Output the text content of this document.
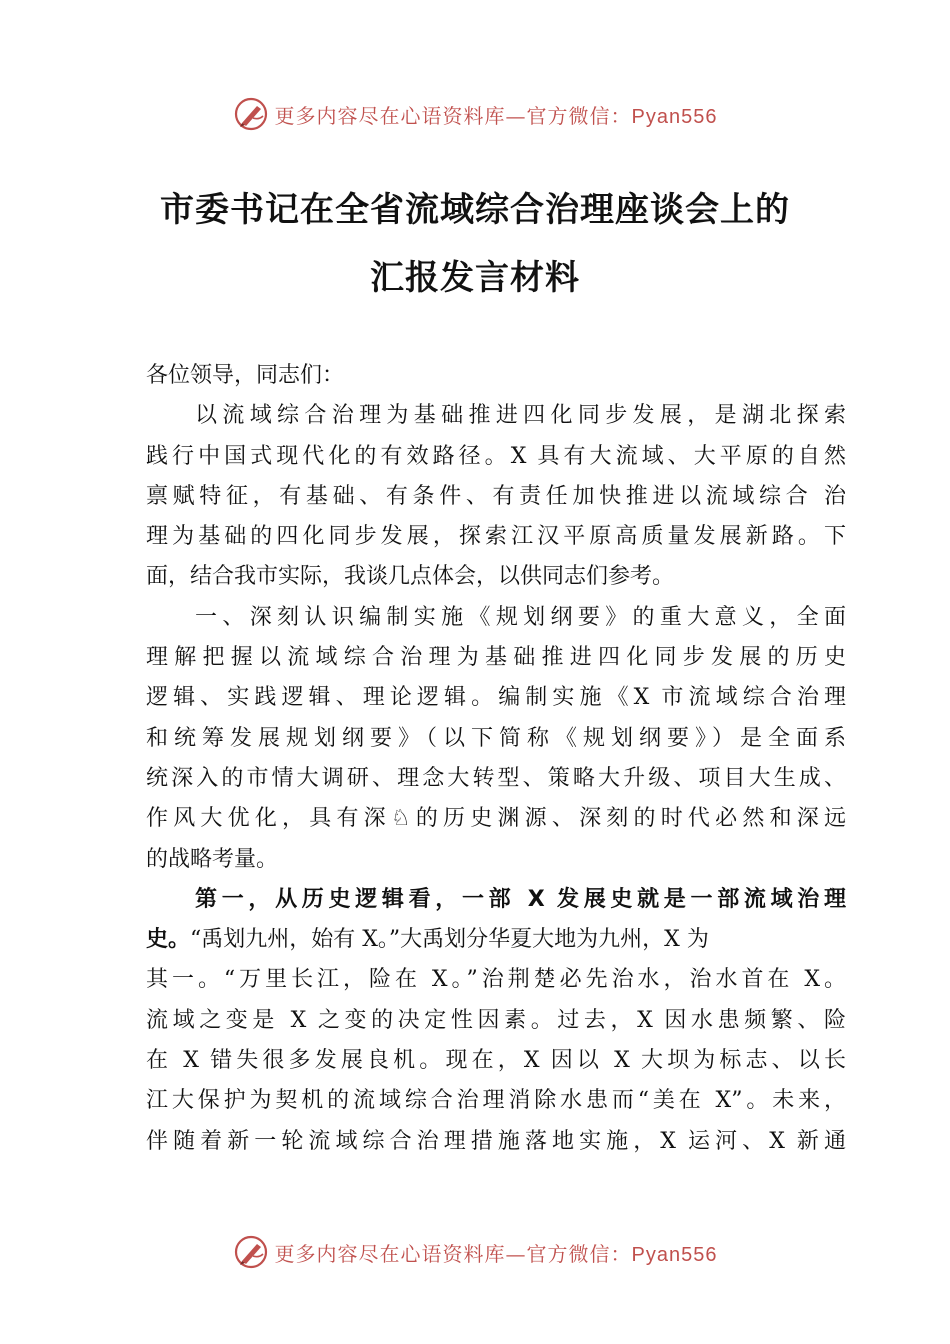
更多内容尽在心语资料库—官方微信：Pyan556
市委书记在全省流域综合治理座谈会上的
汇报发言材料
各位领导，同志们：
以流域综合治理为基础推进四化同步发展，是湖北探索
践行中国式现代化的有效路径。X 具有大流域、大平原的自然
禀赋特征，有基础、有条件、有责任加快推进以流域综合 治
理为基础的四化同步发展，探索江汉平原高质量发展新路。下
面，结合我市实际，我谈几点体会，以供同志们参考。
一、深刻认识编制实施《规划纲要》的重大意义，全面
理解把握以流域综合治理为基础推进四化同步发展的历史
逻辑、实践逻辑、理论逻辑。编制实施《X 市流域综合治理
和统筹发展规划纲要》（以下简称《规划纲要》）是全面系
统深入的市情大调研、理念大转型、策略大升级、项目大生成、
作风大优化，具有深♘的历史渊源、深刻的时代必然和深远
的战略考量。
第一，从历史逻辑看，一部 X 发展史就是一部流域治理
史。“禹划九州，始有 X。”大禹划分华夏大地为九州，X 为
其一。“万里长江，险在 X。”治荆楚必先治水，治水首在 X。
流域之变是 X 之变的决定性因素。过去，X 因水患频繁、险
在 X 错失很多发展良机。现在，X 因以 X 大坝为标志、以长
江大保护为契机的流域综合治理消除水患而“美在 X”。未来，
伴随着新一轮流域综合治理措施落地实施，X 运河、X 新通
更多内容尽在心语资料库—官方微信：Pyan556
